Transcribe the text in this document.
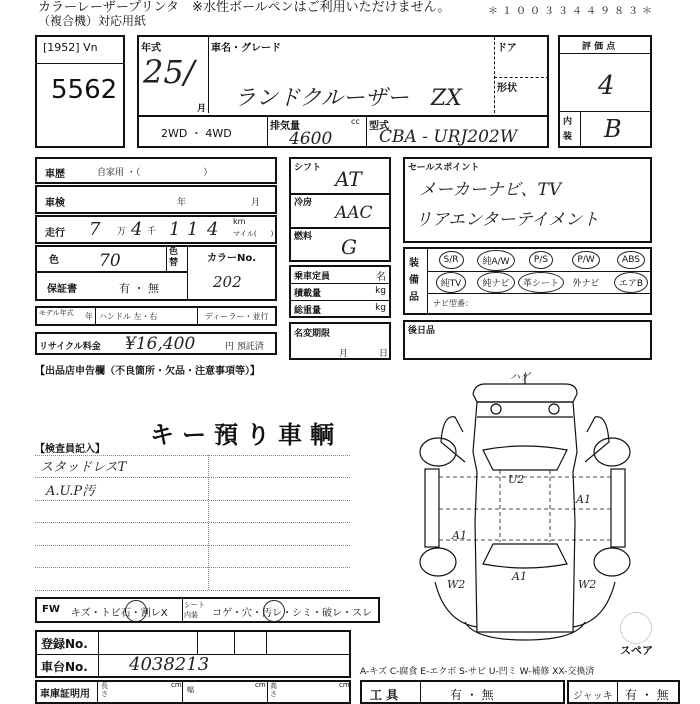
カラーレーザープリンタ　※水性ボールペンはご利用いただけません。
（複合機）対応用紙
＊１００３３４４９８３＊
[1952] Vn
5562
年式
25/
月
車名・グレード
ランドクルーザー　ZX
ドア
形状
2WD ・ 4WD
排気量	cc
4600
型式
CBA - URJ202W
評 価 点
4
内装 B
車歴	自家用 ・（　　　　　　　）
車検	年	月
走行 7 万 4 千 1 1 4 km
マイル(　　)
色 70	色替	カラーNo.
202
保証書	有 ・ 無
モデル年式	年 ハンドル 左・右	ディーラー・並行
リサイクル料金 ¥16,400	円 預託済
【出品店申告欄（不良箇所・欠品・注意事項等）】
シフト AT
冷房 AAC
燃料 G
乗車定員	名
積載量	kg
総重量	kg
名変期限
月	日
セールスポイント
メーカーナビ、TV
リアエンターテイメント
装備品
S/R	純A/W	P/S	P/W	ABS
純TV	純ナビ	革シート	外ナビ	エアB
ナビ型番：
後日品
キー預り車輌
【検査員記入】
スタッドレスT
A.U.P汚
ハゲ
U2
A1
A1
A1
W2	W2
スペア
FW キズ・トビ石・割レX
シート内装	コゲ・穴・汚レ・シミ・破レ・スレ
登録No.
車台No. 4038213
車庫証明用
長さ
cm
幅
cm 高さ
cm
A-キズ C-腐食 E-エクボ S-サビ U-凹ミ W-補修 XX-交換済
工 具	有 ・ 無	ジャッキ 有 ・ 無
